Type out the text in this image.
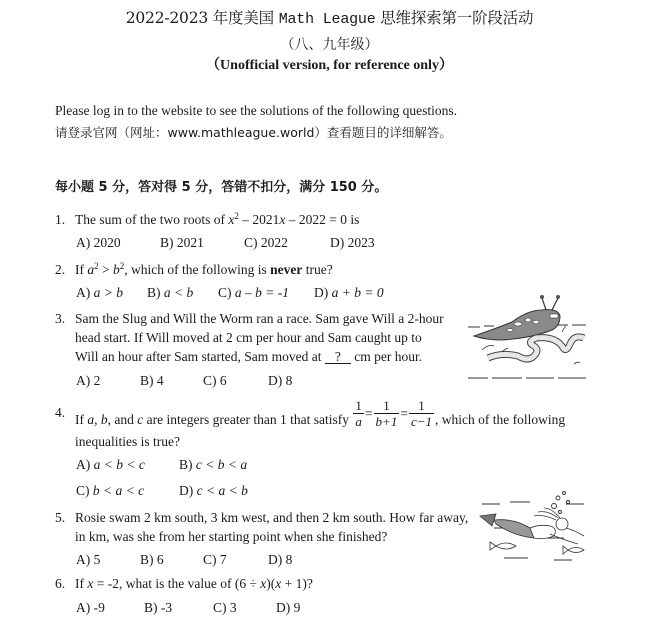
2022-2023 年度美国 Math League 思维探索第一阶段活动
（八、九年级）
（Unofficial version, for reference only）
Please log in to the website to see the solutions of the following questions.
请登录官网（网址：www.mathleague.world）查看题目的详细解答。
每小题 5 分，答对得 5 分，答错不扣分，满分 150 分。
1. The sum of the two roots of $x^2 - 2021x - 2022 = 0$ is
A) 2020	B) 2021	C) 2022	D) 2023
2. If $a^2 > b^2$, which of the following is never true?
A) a > b B) a < b C) a – b = -1 D) a + b = 0
3. Sam the Slug and Will the Worm ran a race. Sam gave Will a 2-hour
head start. If Will moved at 2 cm per hour and Sam caught up to
Will an hour after Sam started, Sam moved at ? cm per hour.
A) 2	B) 4	C) 6	D) 8
4. If a, b, and c are integers greater than 1 that satisfy $\frac{1}{a} = \frac{1}{b+1} = \frac{1}{c-1}$ , which of the following
inequalities is true?
A) a < b < c	B) c < b < a
C) b < a < c	D) c < a < b
5. Rosie swam 2 km south, 3 km west, and then 2 km south. How far away,
in km, was she from her starting point when she finished?
A) 5	B) 6	C) 7	D) 8
6. If x = -2, what is the value of (6 ÷ x)(x + 1)?
A) -9	B) -3	C) 3	D) 9
